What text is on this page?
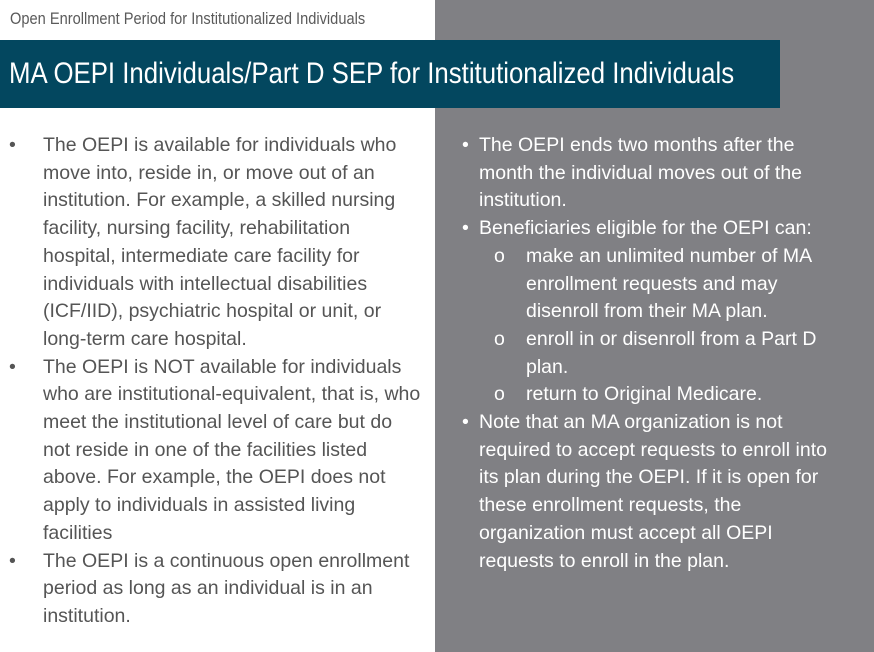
Open Enrollment Period for Institutionalized Individuals
MA OEPI Individuals/Part D SEP for Institutionalized Individuals
• The OEPI is available for individuals who move into, reside in, or move out of an institution. For example, a skilled nursing facility, nursing facility, rehabilitation hospital, intermediate care facility for individuals with intellectual disabilities (ICF/IID), psychiatric hospital or unit, or long-term care hospital.
• The OEPI is NOT available for individuals who are institutional-equivalent, that is, who meet the institutional level of care but do not reside in one of the facilities listed above. For example, the OEPI does not apply to individuals in assisted living facilities
• The OEPI is a continuous open enrollment period as long as an individual is in an institution.
• The OEPI ends two months after the month the individual moves out of the institution.
• Beneficiaries eligible for the OEPI can:
o make an unlimited number of MA enrollment requests and may disenroll from their MA plan.
o enroll in or disenroll from a Part D plan.
o return to Original Medicare.
• Note that an MA organization is not required to accept requests to enroll into its plan during the OEPI. If it is open for these enrollment requests, the organization must accept all OEPI requests to enroll in the plan.
